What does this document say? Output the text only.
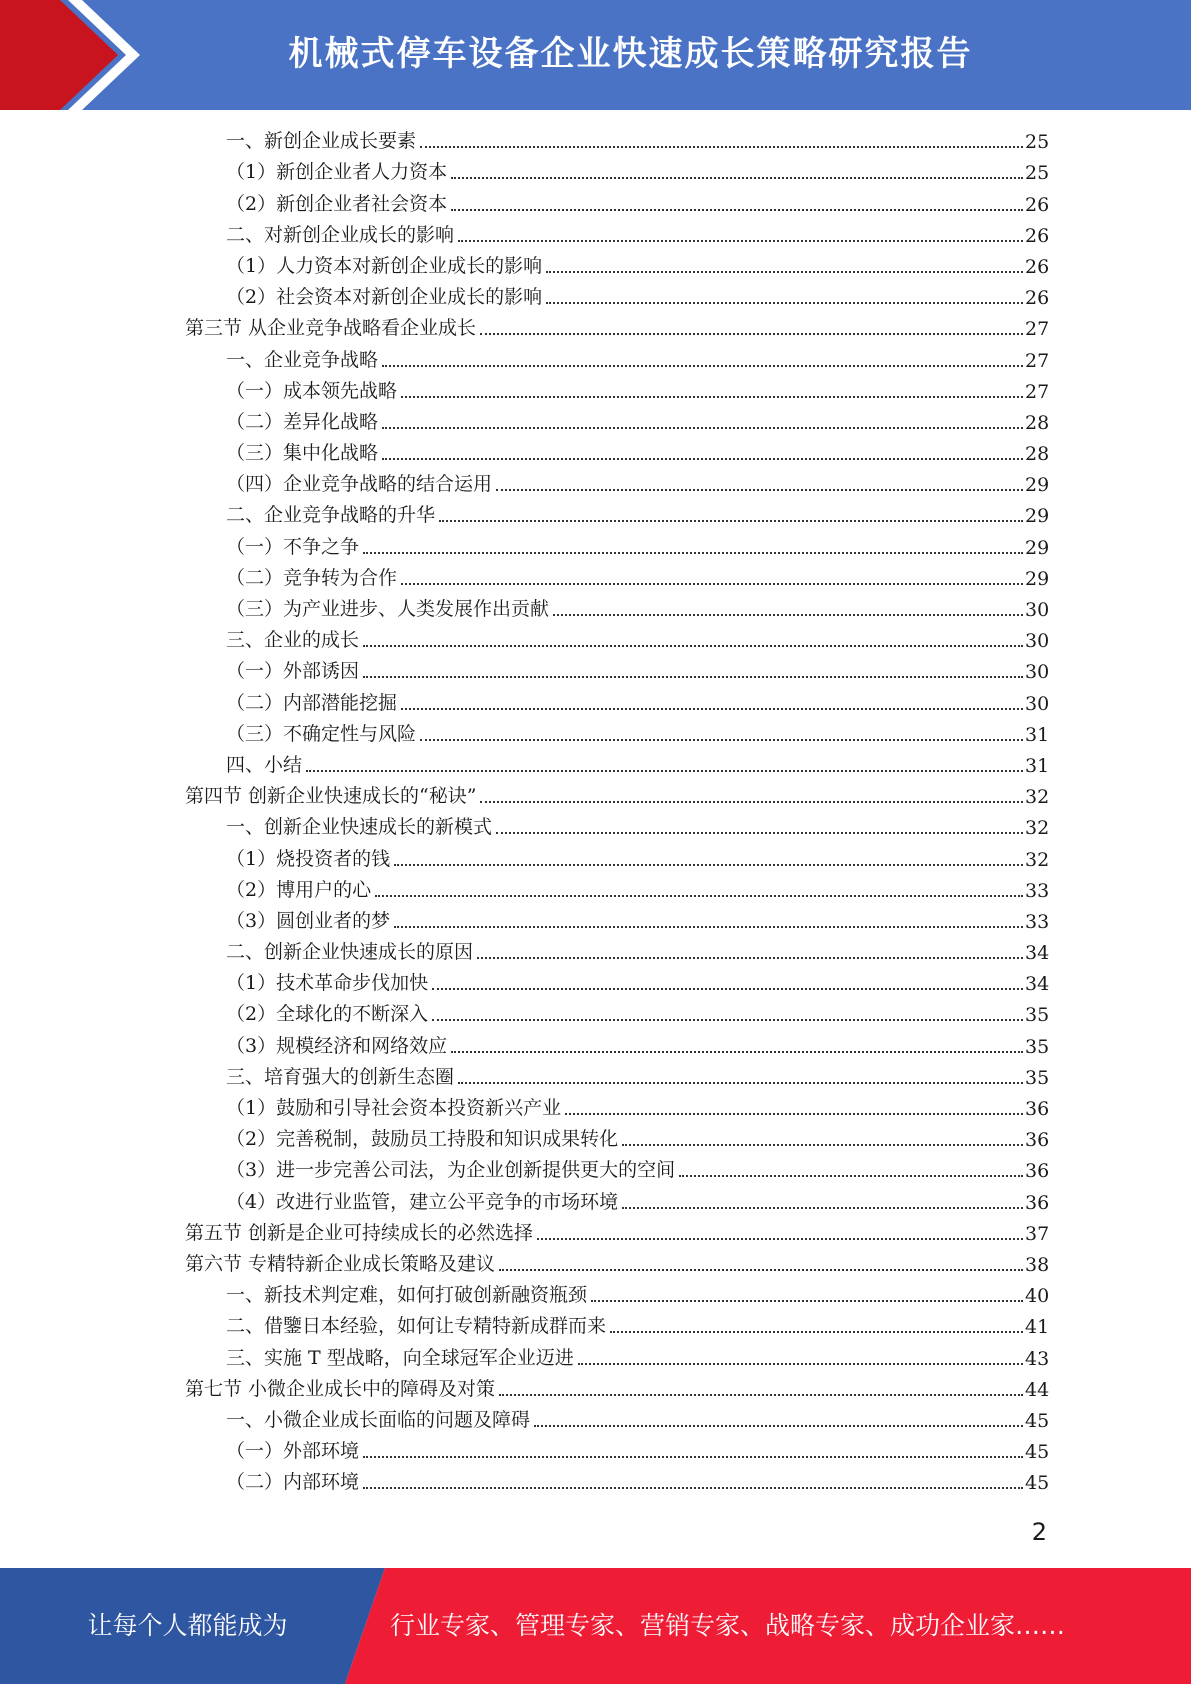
机械式停车设备企业快速成长策略研究报告
一、新创企业成长要素	25
（1）新创企业者人力资本	25
（2）新创企业者社会资本	26
二、对新创企业成长的影响	26
（1）人力资本对新创企业成长的影响	26
（2）社会资本对新创企业成长的影响	26
第三节 从企业竞争战略看企业成长	27
一、企业竞争战略	27
（一）成本领先战略	27
（二）差异化战略	28
（三）集中化战略	28
（四）企业竞争战略的结合运用	29
二、企业竞争战略的升华	29
（一）不争之争	29
（二）竞争转为合作	29
（三）为产业进步、人类发展作出贡献	30
三、企业的成长	30
（一）外部诱因	30
（二）内部潜能挖掘	30
（三）不确定性与风险	31
四、小结	31
第四节 创新企业快速成长的“秘诀”	32
一、创新企业快速成长的新模式	32
（1）烧投资者的钱	32
（2）博用户的心	33
（3）圆创业者的梦	33
二、创新企业快速成长的原因	34
（1）技术革命步伐加快	34
（2）全球化的不断深入	35
（3）规模经济和网络效应	35
三、培育强大的创新生态圈	35
（1）鼓励和引导社会资本投资新兴产业	36
（2）完善税制，鼓励员工持股和知识成果转化	36
（3）进一步完善公司法，为企业创新提供更大的空间	36
（4）改进行业监管，建立公平竞争的市场环境	36
第五节 创新是企业可持续成长的必然选择	37
第六节 专精特新企业成长策略及建议	38
一、新技术判定难，如何打破创新融资瓶颈	40
二、借鑒日本经验，如何让专精特新成群而来	41
三、实施 T 型战略，向全球冠军企业迈进	43
第七节 小微企业成长中的障碍及对策	44
一、小微企业成长面临的问题及障碍	45
（一）外部环境	45
（二）内部环境	45
2
让每个人都能成为	行业专家、管理专家、营销专家、战略专家、成功企业家……
